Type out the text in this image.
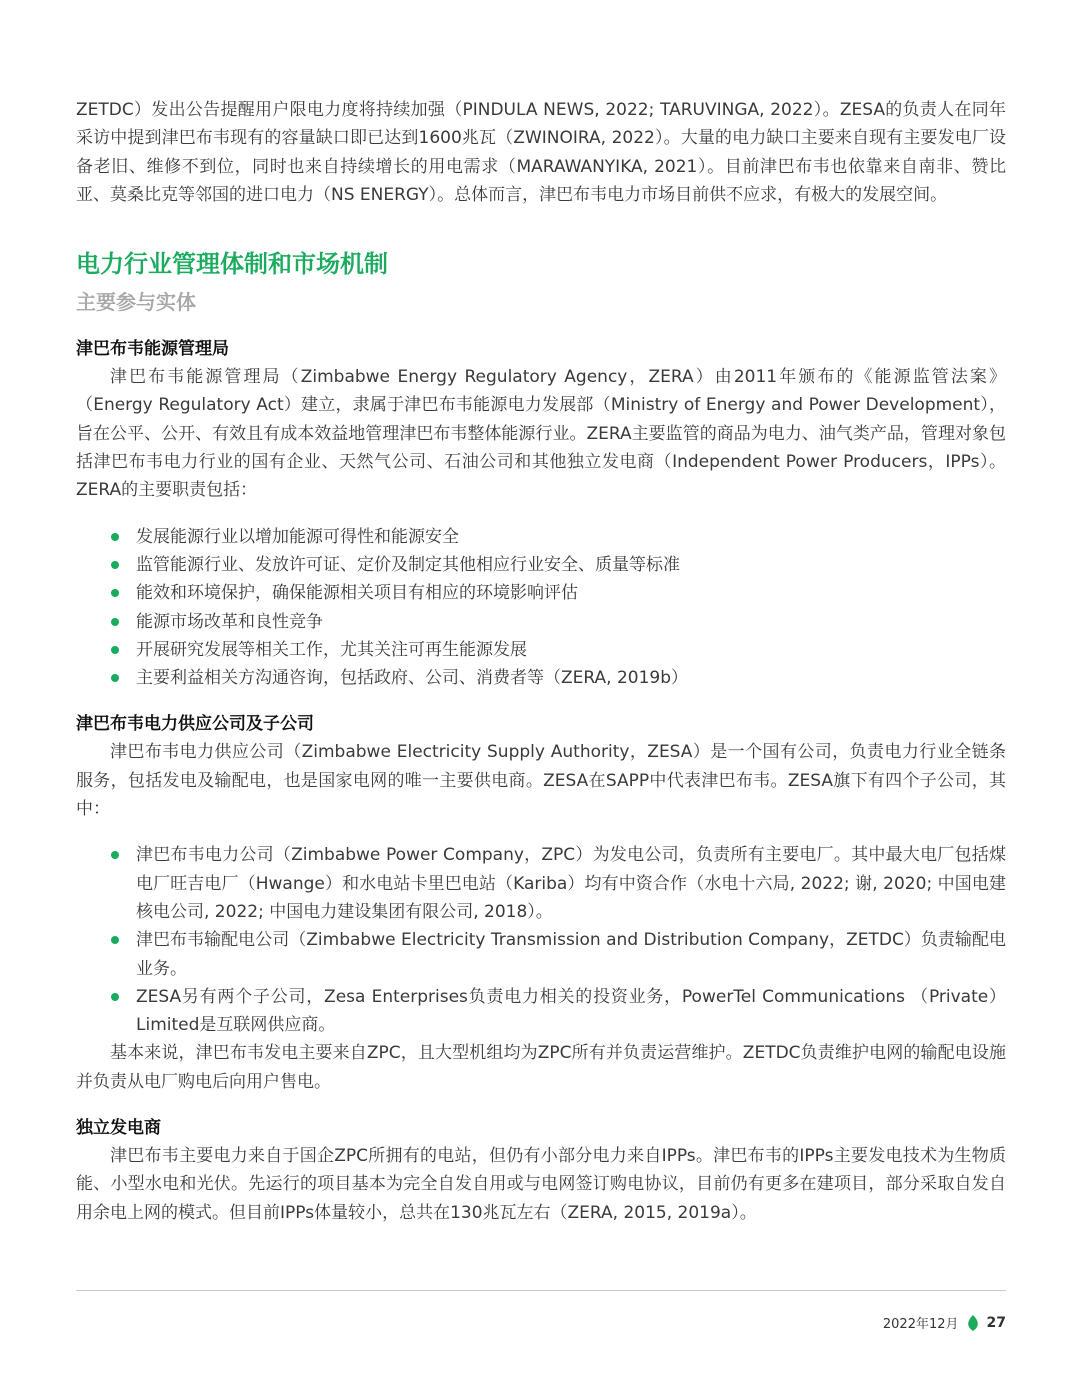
ZETDC）发出公告提醒用户限电力度将持续加强（PINDULA NEWS, 2022; TARUVINGA, 2022）。ZESA的负责人在同年采访中提到津巴布韦现有的容量缺口即已达到1600兆瓦（ZWINOIRA, 2022）。大量的电力缺口主要来自现有主要发电厂设备老旧、维修不到位，同时也来自持续增长的用电需求（MARAWANYIKA, 2021）。目前津巴布韦也依靠来自南非、赞比亚、莫桑比克等邻国的进口电力（NS ENERGY）。总体而言，津巴布韦电力市场目前供不应求，有极大的发展空间。

电力行业管理体制和市场机制
主要参与实体
津巴布韦能源管理局

津巴布韦能源管理局（Zimbabwe Energy Regulatory Agency，ZERA）由2011年颁布的《能源监管法案》（Energy Regulatory Act）建立，隶属于津巴布韦能源电力发展部（Ministry of Energy and Power Development），旨在公平、公开、有效且有成本效益地管理津巴布韦整体能源行业。ZERA主要监管的商品为电力、油气类产品，管理对象包括津巴布韦电力行业的国有企业、天然气公司、石油公司和其他独立发电商（Independent Power Producers，IPPs）。ZERA的主要职责包括：

发展能源行业以增加能源可得性和能源安全
监管能源行业、发放许可证、定价及制定其他相应行业安全、质量等标准
能效和环境保护，确保能源相关项目有相应的环境影响评估
能源市场改革和良性竞争
开展研究发展等相关工作，尤其关注可再生能源发展
主要利益相关方沟通咨询，包括政府、公司、消费者等（ZERA, 2019b）
津巴布韦电力供应公司及子公司

津巴布韦电力供应公司（Zimbabwe Electricity Supply Authority，ZESA）是一个国有公司，负责电力行业全链条服务，包括发电及输配电，也是国家电网的唯一主要供电商。ZESA在SAPP中代表津巴布韦。ZESA旗下有四个子公司，其中：

津巴布韦电力公司（Zimbabwe Power Company，ZPC）为发电公司，负责所有主要电厂。其中最大电厂包括煤电厂旺吉电厂（Hwange）和水电站卡里巴电站（Kariba）均有中资合作（水电十六局, 2022; 谢, 2020; 中国电建核电公司, 2022; 中国电力建设集团有限公司, 2018）。
津巴布韦输配电公司（Zimbabwe Electricity Transmission and Distribution Company，ZETDC）负责输配电业务。
ZESA另有两个子公司，Zesa Enterprises负责电力相关的投资业务，PowerTel Communications （Private） Limited是互联网供应商。

基本来说，津巴布韦发电主要来自ZPC，且大型机组均为ZPC所有并负责运营维护。ZETDC负责维护电网的输配电设施并负责从电厂购电后向用户售电。

独立发电商

津巴布韦主要电力来自于国企ZPC所拥有的电站，但仍有小部分电力来自IPPs。津巴布韦的IPPs主要发电技术为生物质能、小型水电和光伏。先运行的项目基本为完全自发自用或与电网签订购电协议，目前仍有更多在建项目，部分采取自发自用余电上网的模式。但目前IPPs体量较小，总共在130兆瓦左右（ZERA, 2015, 2019a）。

2022年12月 27
